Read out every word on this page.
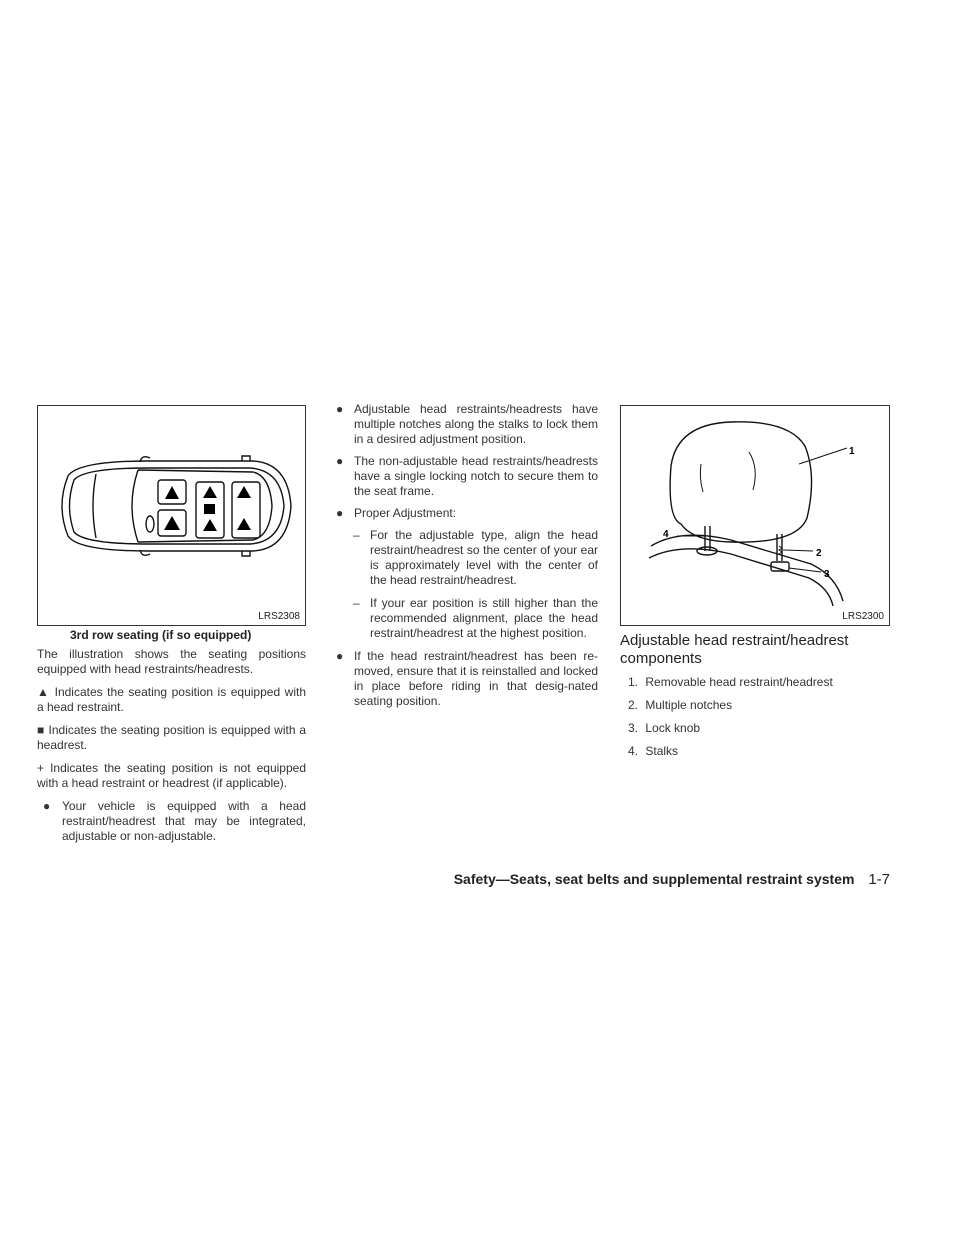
LRS2308
3rd row seating (if so equipped)

The illustration shows the seating positions equipped with head restraints/headrests.

▲ Indicates the seating position is equipped with a head restraint.

■ Indicates the seating position is equipped with a headrest.

+ Indicates the seating position is not equipped with a head restraint or headrest (if applicable).

● Your vehicle is equipped with a head restraint/headrest that may be integrated, adjustable or non-adjustable.
● Adjustable head restraints/headrests have multiple notches along the stalks to lock them in a desired adjustment position.
● The non-adjustable head restraints/headrests have a single locking notch to secure them to the seat frame.
● Proper Adjustment:
– For the adjustable type, align the head restraint/headrest so the center of your ear is approximately level with the center of the head restraint/headrest.
– If your ear position is still higher than the recommended alignment, place the head restraint/headrest at the highest position.
● If the head restraint/headrest has been re-moved, ensure that it is reinstalled and locked in place before riding in that desig-nated seating position.
1
2
3
4
LRS2300
Adjustable head restraint/headrest components
1. Removable head restraint/headrest
2. Multiple notches
3. Lock knob
4. Stalks
Safety—Seats, seat belts and supplemental restraint system 1-7
